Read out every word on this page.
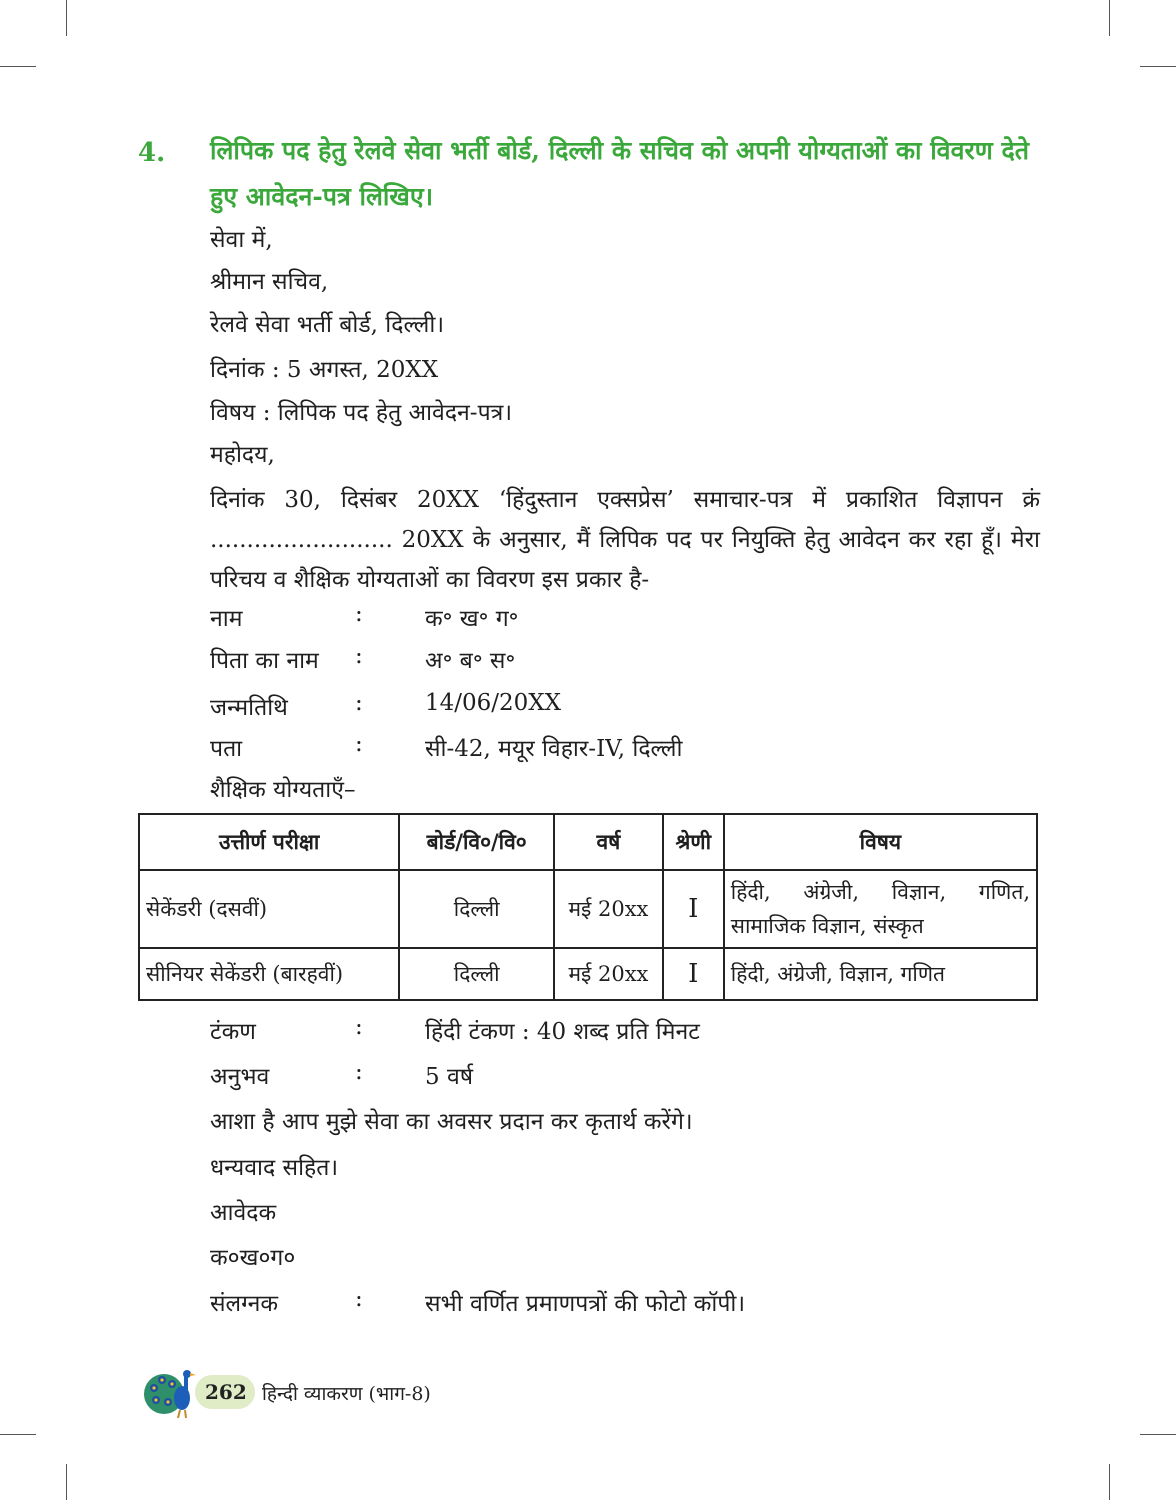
4. लिपिक पद हेतु रेलवे सेवा भर्ती बोर्ड, दिल्ली के सचिव को अपनी योग्यताओं का विवरण देते हुए आवेदन-पत्र लिखिए।
सेवा में,
श्रीमान सचिव,
रेलवे सेवा भर्ती बोर्ड, दिल्ली।
दिनांक : 5 अगस्त, 20XX
विषय : लिपिक पद हेतु आवेदन-पत्र।
महोदय,
दिनांक 30, दिसंबर 20XX ‘हिंदुस्तान एक्सप्रेस’ समाचार-पत्र में प्रकाशित विज्ञापन क्रं ......................... 20XX के अनुसार, मैं लिपिक पद पर नियुक्ति हेतु आवेदन कर रहा हूँ। मेरा परिचय व शैक्षिक योग्यताओं का विवरण इस प्रकार है-
नाम	:	क॰ ख॰ ग॰
पिता का नाम :	अ॰ ब॰ स॰
जन्मतिथि	:	14/06/20XX
पता	:	सी-42, मयूर विहार-IV, दिल्ली
शैक्षिक योग्यताएँ–
उत्तीर्ण परीक्षा	बोर्ड/वि०/वि०	वर्ष	श्रेणी	विषय
सेकेंडरी (दसवीं)	दिल्ली	मई 20xx	I	हिंदी, अंग्रेजी, विज्ञान, गणित, सामाजिक विज्ञान, संस्कृत
सीनियर सेकेंडरी (बारहवीं)	दिल्ली	मई 20xx	I	हिंदी, अंग्रेजी, विज्ञान, गणित
टंकण	:	हिंदी टंकण : 40 शब्द प्रति मिनट
अनुभव	:	5 वर्ष
आशा है आप मुझे सेवा का अवसर प्रदान कर कृतार्थ करेंगे।
धन्यवाद सहित।
आवेदक
क०ख०ग०
संलग्नक	:	सभी वर्णित प्रमाणपत्रों की फोटो कॉपी।
262 हिन्दी व्याकरण (भाग-8)
